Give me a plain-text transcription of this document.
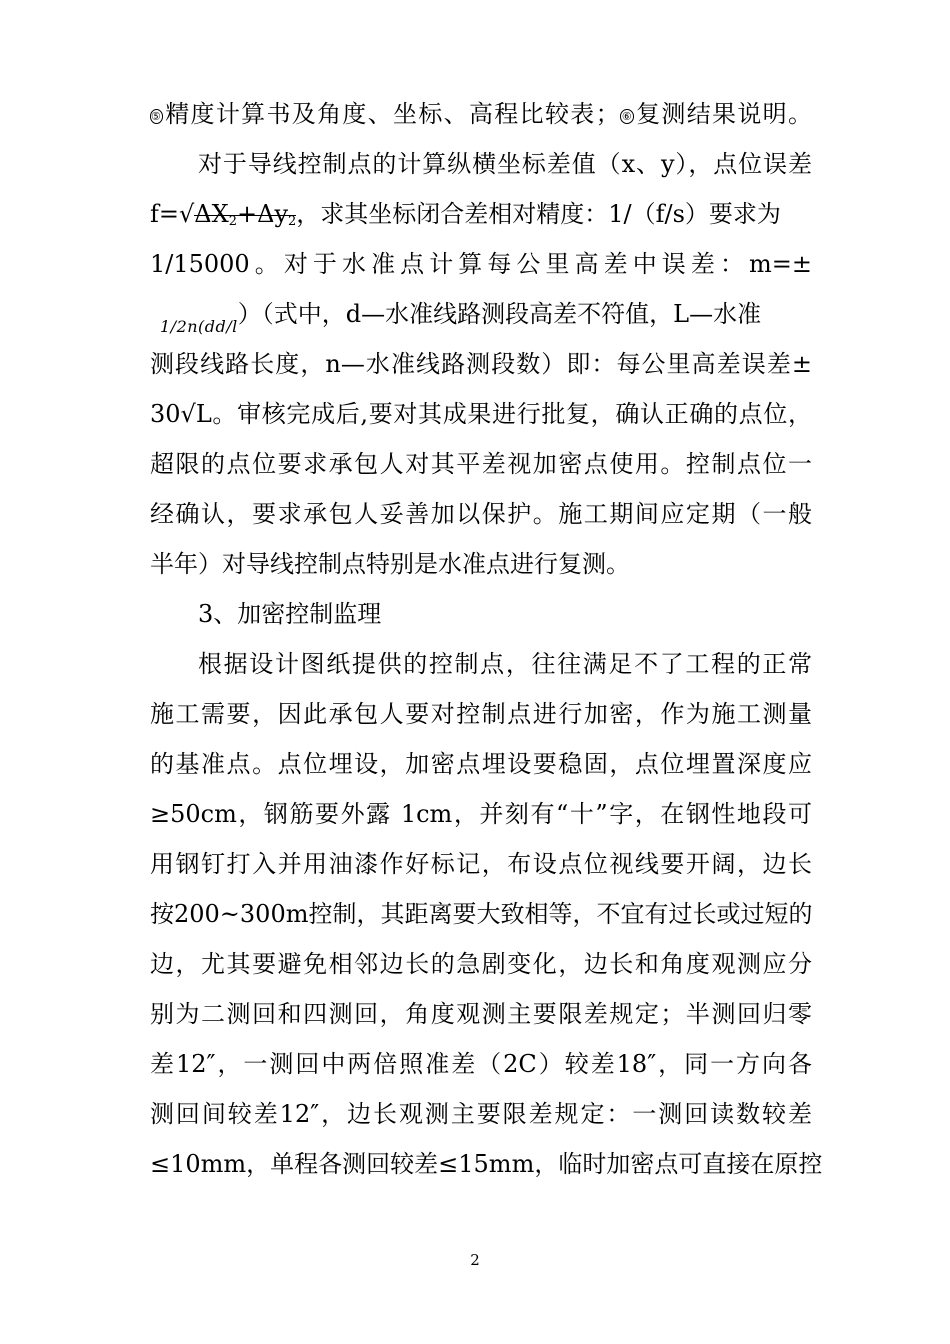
⑤ 精度计算书及角度、坐标、高程比较表；⑥ 复测结果说明。
对于导线控制点的计算纵横坐标差值（x、y），点位误差
$f=√\Delta X_2+\Delta y_2$，求其坐标闭合差相对精度：1/（f/s）要求为
1/15000。对于水准点计算每公里高差中误差：m=±
$_{1/2n(dd/l}$）（式中，d—水准线路测段高差不符值，L—水准
测段线路长度，n—水准线路测段数）即：每公里高差误差±
30√L。审核完成后,要对其成果进行批复，确认正确的点位，
超限的点位要求承包人对其平差视加密点使用。控制点位一
经确认，要求承包人妥善加以保护。施工期间应定期（一般
半年）对导线控制点特别是水准点进行复测。
3、加密控制监理
根据设计图纸提供的控制点，往往满足不了工程的正常
施工需要，因此承包人要对控制点进行加密，作为施工测量
的基准点。点位埋设，加密点埋设要稳固，点位埋置深度应
≥50cm，钢筋要外露 1cm，并刻有“十”字，在钢性地段可
用钢钉打入并用油漆作好标记，布设点位视线要开阔，边长
按200~300m控制，其距离要大致相等，不宜有过长或过短的
边，尤其要避免相邻边长的急剧变化，边长和角度观测应分
别为二测回和四测回，角度观测主要限差规定；半测回归零
差12″，一测回中两倍照准差（2C）较差18″，同一方向各
测回间较差12″，边长观测主要限差规定：一测回读数较差
≤10mm，单程各测回较差≤15mm，临时加密点可直接在原控
2
